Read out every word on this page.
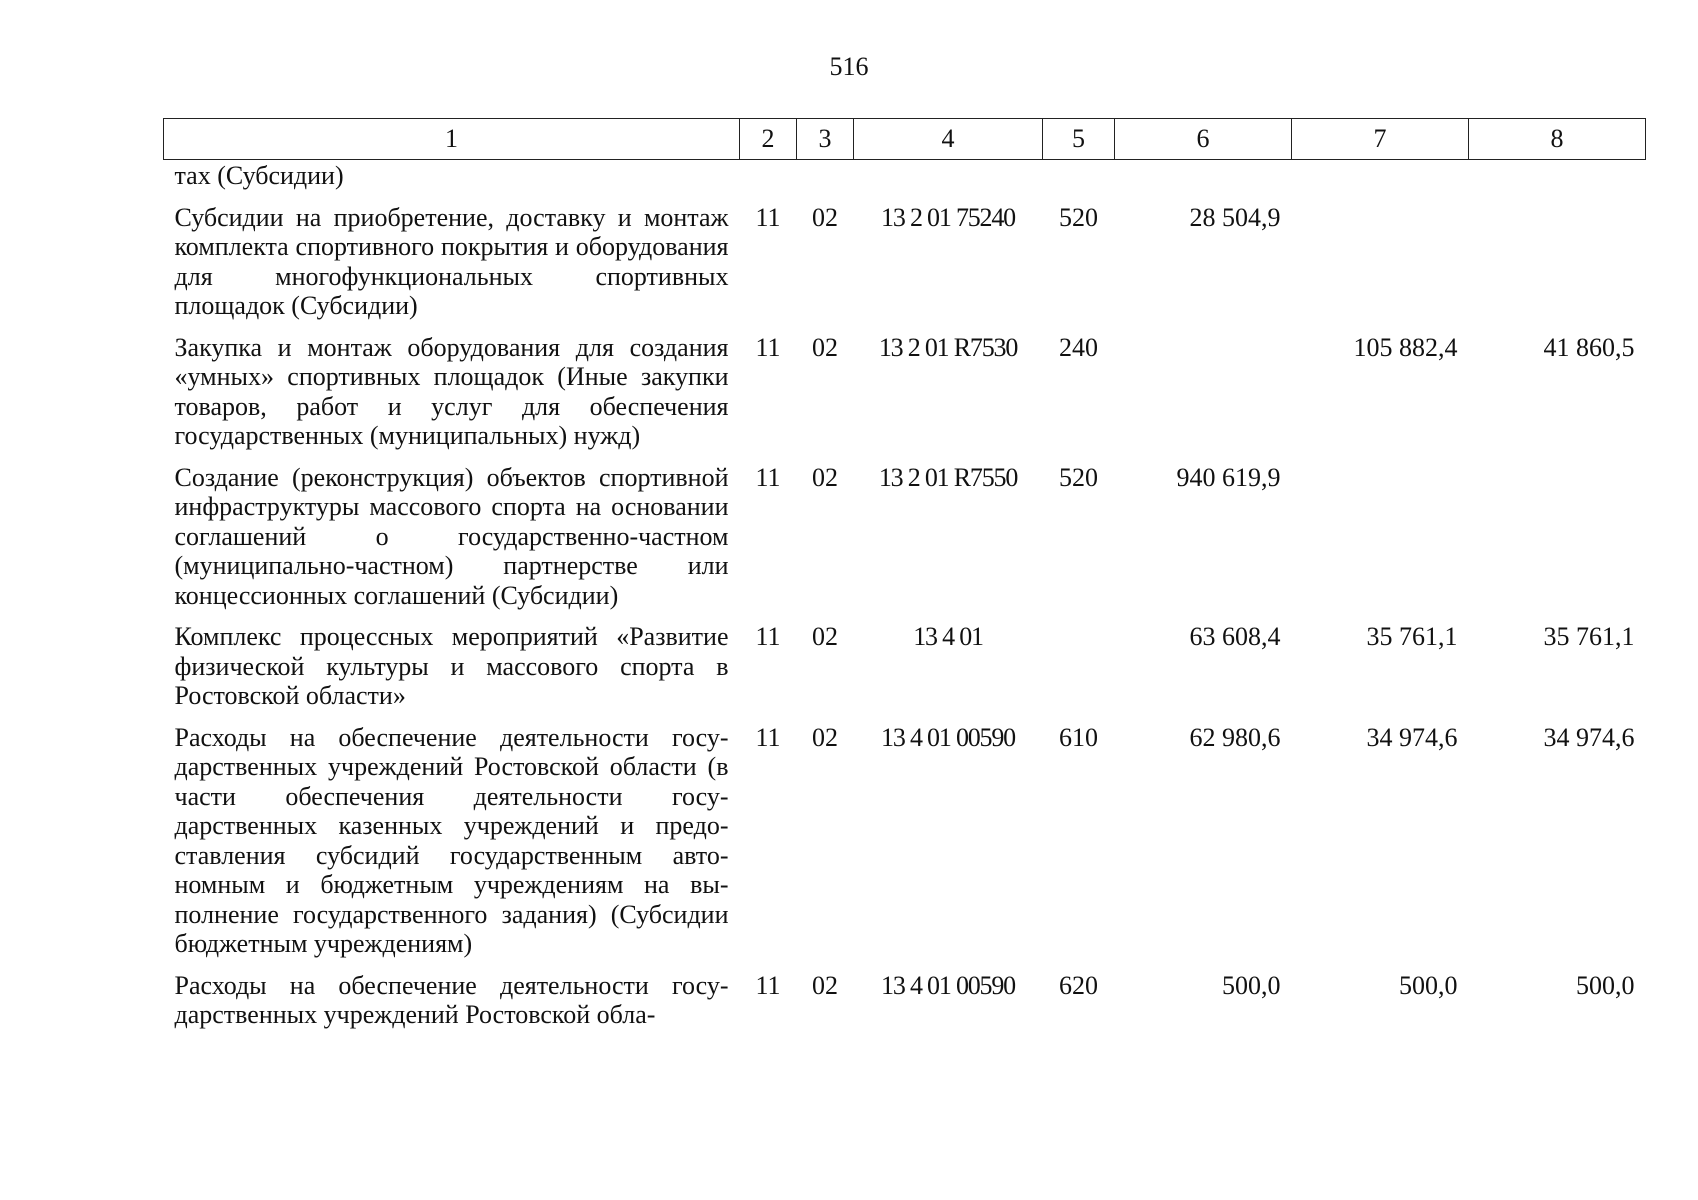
516
1	2	3	4	5	6	7	8
тах (Субсидии)							
Субсидии на приобретение, доставку и монтаж комплекта спортивного покрытия и оборудования для многофункциональных спортивных площадок (Субсидии)	11	02	13 2 01 75240	520	28 504,9		
Закупка и монтаж оборудования для создания «умных» спортивных площадок (Иные закупки товаров, работ и услуг для обеспечения государственных (муниципальных) нужд)	11	02	13 2 01 R7530	240		105 882,4	41 860,5
Создание (реконструкция) объектов спортивной инфраструктуры массового спорта на основании соглашений о государственно-частном (муниципально-частном) партнерстве или концессионных соглашений (Субсидии)	11	02	13 2 01 R7550	520	940 619,9		
Комплекс процессных мероприятий «Развитие физической культуры и массового спорта в Ростовской области»	11	02	13 4 01		63 608,4	35 761,1	35 761,1
Расходы на обеспечение деятельности государственных учреждений Ростовской области (в части обеспечения деятельности государственных казенных учреждений и предоставления субсидий государственным автономным и бюджетным учреждениям на выполнение государственного задания) (Субсидии бюджетным учреждениям)	11	02	13 4 01 00590	610	62 980,6	34 974,6	34 974,6
Расходы на обеспечение деятельности государственных учреждений Ростовской обла-	11	02	13 4 01 00590	620	500,0	500,0	500,0
